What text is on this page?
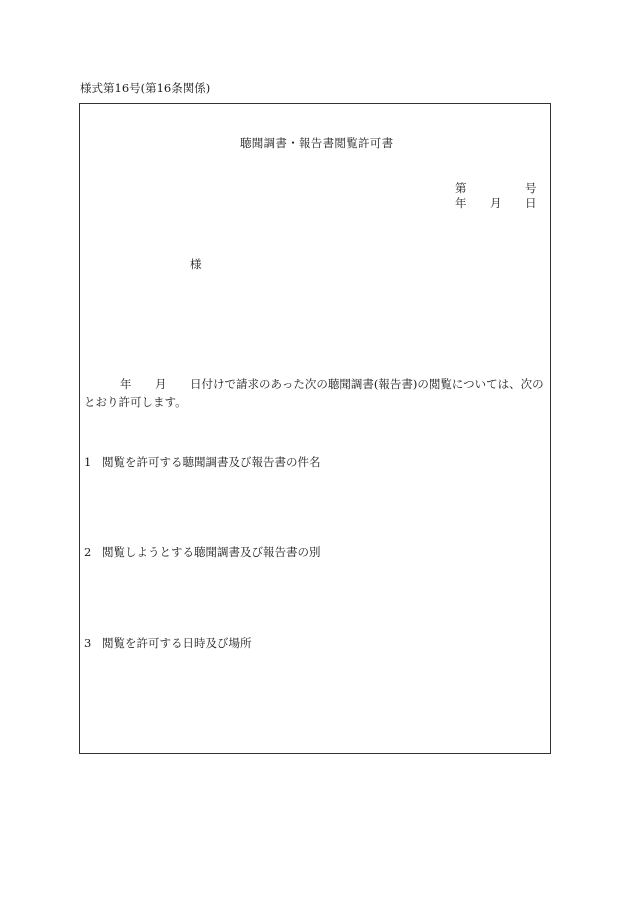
様式第16号(第16条関係)
聴聞調書・報告書閲覧許可書
第	号
年 月 日
様
年 月 日付けで請求のあった次の聴聞調書(報告書)の閲覧については、次の
とおり許可します。
1 閲覧を許可する聴聞調書及び報告書の件名
2 閲覧しようとする聴聞調書及び報告書の別
3 閲覧を許可する日時及び場所
